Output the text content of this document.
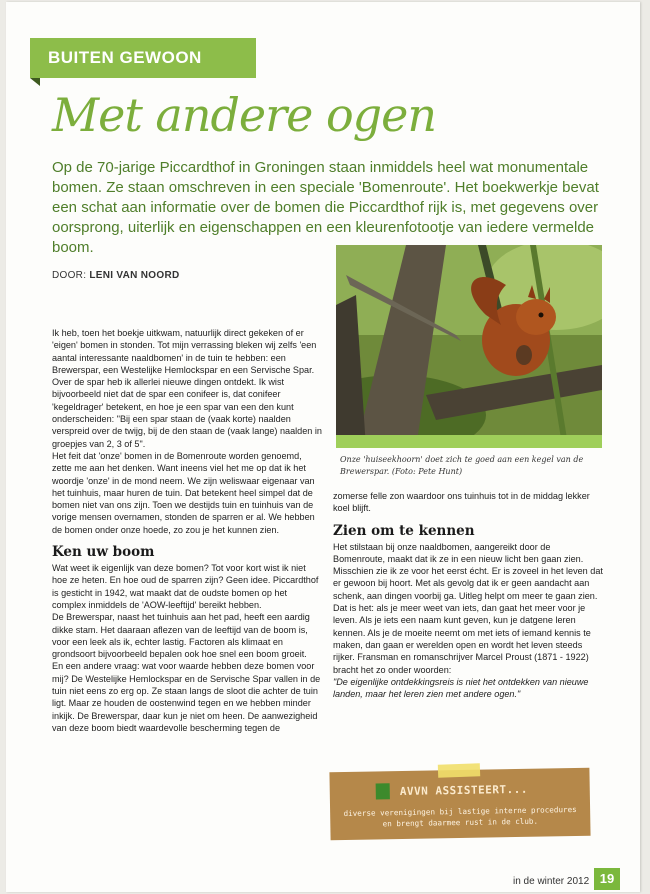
BUITEN GEWOON
Met andere ogen
Op de 70-jarige Piccardthof in Groningen staan inmiddels heel wat monumentale bomen. Ze staan omschreven in een speciale 'Bomenroute'. Het boekwerkje bevat een schat aan informatie over de bomen die Piccardthof rijk is, met gegevens over oorsprong, uiterlijk en eigenschappen en een kleurenfotootje van iedere vermelde boom.
DOOR: LENI VAN NOORD
Onze 'huiseekhoorn' doet zich te goed aan een kegel van de Brewerspar. (Foto: Pete Hunt)

Ik heb, toen het boekje uitkwam, natuurlijk direct gekeken of er 'eigen' bomen in stonden. Tot mijn verrassing bleken wij zelfs 'een aantal interessante naaldbomen' in de tuin te hebben: een Brewerspar, een Westelijke Hemlockspar en een Servische Spar. Over de spar heb ik allerlei nieuwe dingen ontdekt. Ik wist bijvoorbeeld niet dat de spar een conifeer is, dat conifeer 'kegeldrager' betekent, en hoe je een spar van een den kunt onderscheiden: "Bij een spar staan de (vaak korte) naalden verspreid over de twijg, bij de den staan de (vaak lange) naalden in groepjes van 2, 3 of 5".

Het feit dat 'onze' bomen in de Bomenroute worden genoemd, zette me aan het denken. Want ineens viel het me op dat ik het woordje 'onze' in de mond neem. We zijn weliswaar eigenaar van het tuinhuis, maar huren de tuin. Dat betekent heel simpel dat de bomen niet van ons zijn. Toen we destijds tuin en tuinhuis van de vorige mensen overnamen, stonden de sparren er al. We hebben de bomen onder onze hoede, zo zou je het kunnen zien.

Ken uw boom

Wat weet ik eigenlijk van deze bomen? Tot voor kort wist ik niet hoe ze heten. En hoe oud de sparren zijn? Geen idee. Piccardthof is gesticht in 1942, wat maakt dat de oudste bomen op het complex inmiddels de 'AOW-leeftijd' bereikt hebben.

De Brewerspar, naast het tuinhuis aan het pad, heeft een aardig dikke stam. Het daaraan aflezen van de leeftijd van de boom is, voor een leek als ik, echter lastig. Factoren als klimaat en grondsoort bijvoorbeeld bepalen ook hoe snel een boom groeit.

En een andere vraag: wat voor waarde hebben deze bomen voor mij? De Westelijke Hemlockspar en de Servische Spar vallen in de tuin niet eens zo erg op. Ze staan langs de sloot die achter de tuin ligt. Maar ze houden de oostenwind tegen en we hebben minder inkijk. De Brewerspar, daar kun je niet om heen. De aanwezigheid van deze boom biedt waardevolle bescherming tegen de

zomerse felle zon waardoor ons tuinhuis tot in de middag lekker koel blijft.

Zien om te kennen

Het stilstaan bij onze naaldbomen, aangereikt door de Bomenroute, maakt dat ik ze in een nieuw licht ben gaan zien. Misschien zie ik ze voor het eerst écht. Er is zoveel in het leven dat er gewoon bij hoort. Met als gevolg dat ik er geen aandacht aan schenk, aan dingen voorbij ga. Uitleg helpt om meer te gaan zien. Dat is het: als je meer weet van iets, dan gaat het meer voor je leven. Als je iets een naam kunt geven, kun je datgene leren kennen. Als je de moeite neemt om met iets of iemand kennis te maken, dan gaan er werelden open en wordt het leven steeds rijker. Fransman en romanschrijver Marcel Proust (1871 - 1922) bracht het zo onder woorden:

"De eigenlijke ontdekkingsreis is niet het ontdekken van nieuwe landen, maar het leren zien met andere ogen."

AVVN ASSISTEERT...
diverse verenigingen bij lastige interne procedures en brengt daarmee rust in de club.
in de winter 2012 19
